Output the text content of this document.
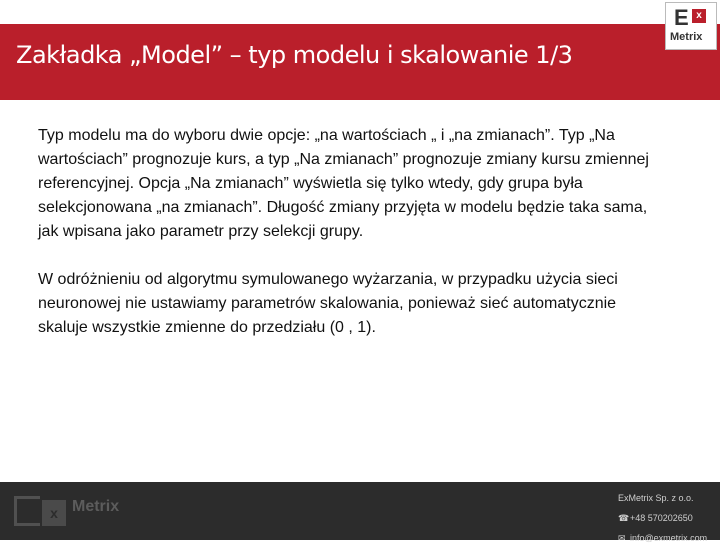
Zakładka „Model” – typ modelu i skalowanie 1/3
E x
Metrix

Typ modelu ma do wyboru dwie opcje: „na wartościach „ i „na zmianach”. Typ „Na wartościach” prognozuje kurs, a typ „Na zmianach” prognozuje zmiany kursu zmiennej referencyjnej. Opcja „Na zmianach” wyświetla się tylko wtedy, gdy grupa była selekcjonowana „na zmianach”. Długość zmiany przyjęta w modelu będzie taka sama, jak wpisana jako parametr przy selekcji grupy.

W odróżnieniu od algorytmu symulowanego wyżarzania, w przypadku użycia sieci neuronowej nie ustawiamy parametrów skalowania, ponieważ sieć automatycznie skaluje wszystkie zmienne do przedziału (0 , 1).

x Metrix	ExMetrix Sp. z o.o.
☎ +48 570202650
✉ info@exmetrix.com
